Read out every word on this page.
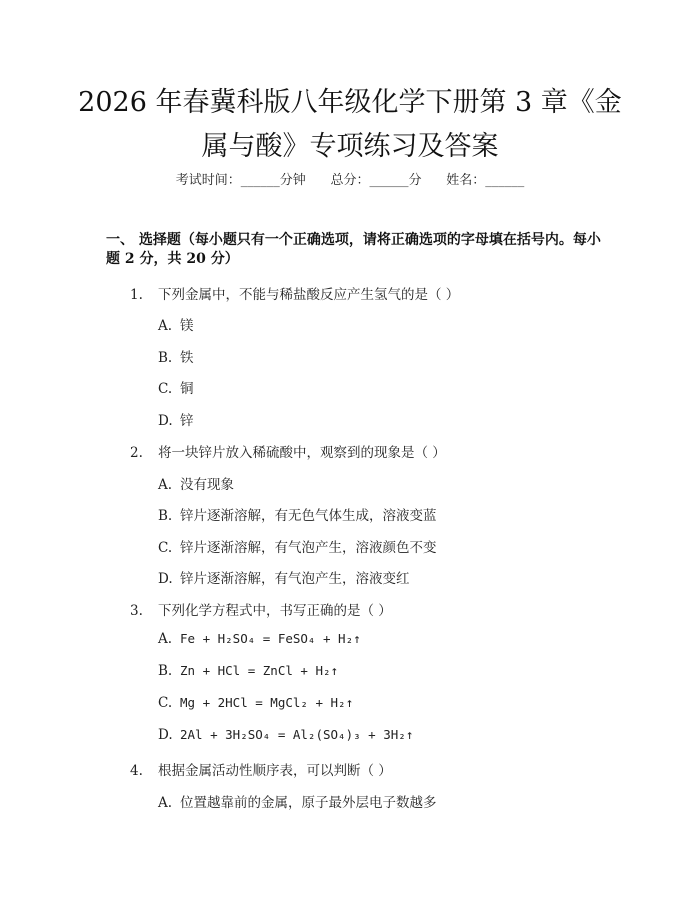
2026 年春冀科版八年级化学下册第 3 章《金
属与酸》专项练习及答案
考试时间：______分钟      总分：______分      姓名：______
一、 选择题（每小题只有一个正确选项，请将正确选项的字母填在括号内。每小
题 2 分，共 20 分）
1. 下列金属中，不能与稀盐酸反应产生氢气的是（ ）
A. 镁
B. 铁
C. 铜
D. 锌
2. 将一块锌片放入稀硫酸中，观察到的现象是（ ）
A. 没有现象
B. 锌片逐渐溶解，有无色气体生成，溶液变蓝
C. 锌片逐渐溶解，有气泡产生，溶液颜色不变
D. 锌片逐渐溶解，有气泡产生，溶液变红
3. 下列化学方程式中，书写正确的是（ ）
A. Fe + H₂SO₄ = FeSO₄ + H₂↑
B. Zn + HCl = ZnCl + H₂↑
C. Mg + 2HCl = MgCl₂ + H₂↑
D. 2Al + 3H₂SO₄ = Al₂(SO₄)₃ + 3H₂↑
4. 根据金属活动性顺序表，可以判断（ ）
A. 位置越靠前的金属，原子最外层电子数越多
